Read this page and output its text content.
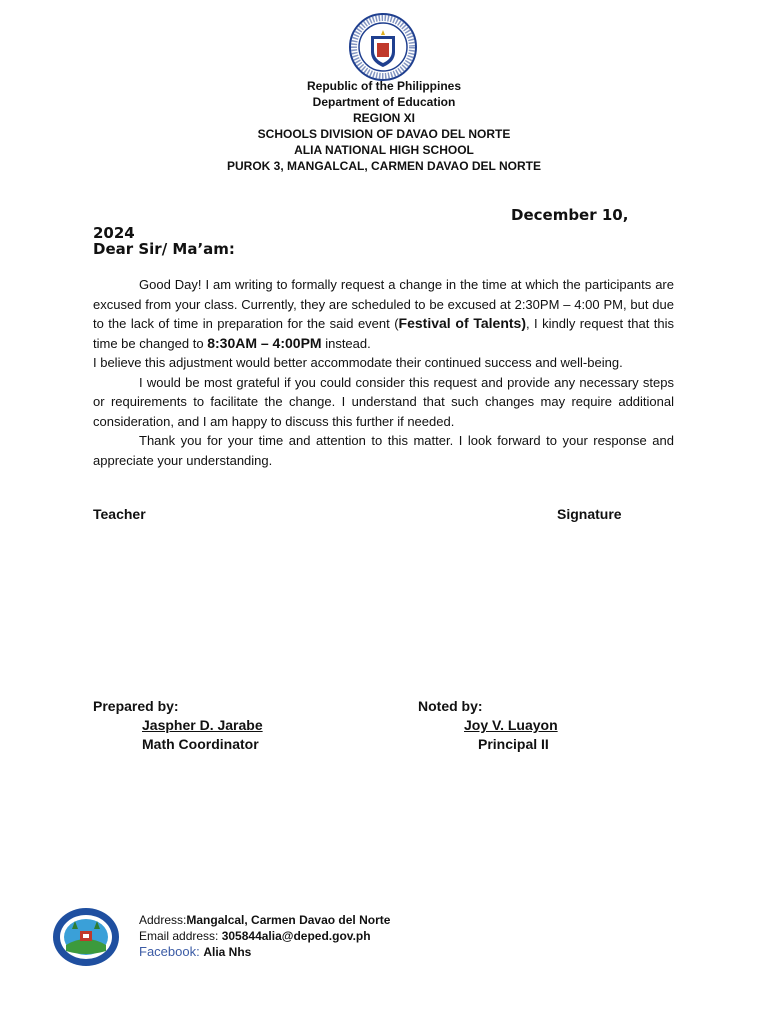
Republic of the Philippines
Department of Education
REGION XI
SCHOOLS DIVISION OF DAVAO DEL NORTE
ALIA NATIONAL HIGH SCHOOL
PUROK 3, MANGALCAL, CARMEN DAVAO DEL NORTE
December 10,
2024
Dear Sir/ Ma’am:

Good Day! I am writing to formally request a change in the time at which the participants are excused from your class. Currently, they are scheduled to be excused at 2:30PM – 4:00 PM, but due to the lack of time in preparation for the said event (Festival of Talents), I kindly request that this time be changed to 8:30AM – 4:00PM instead.

I believe this adjustment would better accommodate their continued success and well-being.

I would be most grateful if you could consider this request and provide any necessary steps or requirements to facilitate the change. I understand that such changes may require additional consideration, and I am happy to discuss this further if needed.

Thank you for your time and attention to this matter. I look forward to your response and appreciate your understanding.

Teacher	Signature
Prepared by:
Jaspher D. Jarabe
Math Coordinator
Noted by:
Joy V. Luayon
Principal II
Address:Mangalcal, Carmen Davao del Norte
Email address: 305844alia@deped.gov.ph
Facebook: Alia Nhs
